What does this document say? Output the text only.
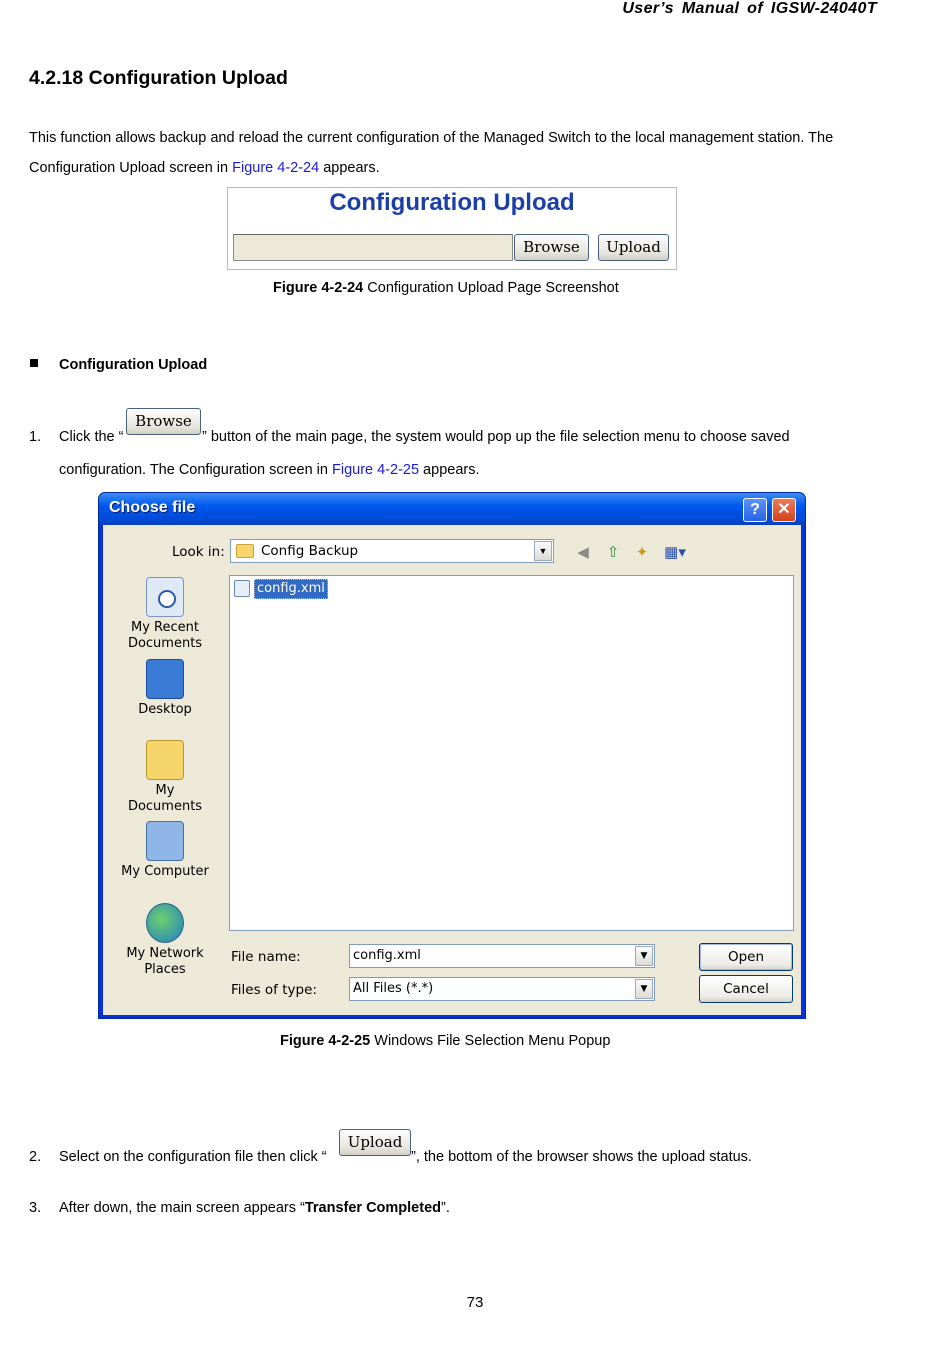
User’s Manual of IGSW-24040T
4.2.18 Configuration Upload
This function allows backup and reload the current configuration of the Managed Switch to the local management station. The
Configuration Upload screen in Figure 4-2-24 appears.
Configuration Upload
Browse	Upload
Figure 4-2-24 Configuration Upload Page Screenshot
Configuration Upload
1. Click the “
Browse
” button of the main page, the system would pop up the file selection menu to choose saved
configuration. The Configuration screen in Figure 4-2-25 appears.
Choose file	?	✕
Look in:	Config Backup	▼	◀ ⇧ ✦ ▦▾
My Recent
Documents
Desktop
My Documents
My Computer
My Network
Places
config.xml
File name:	config.xml	▼
Files of type:	All Files (*.*)	▼
Open
Cancel
Figure 4-2-25 Windows File Selection Menu Popup
2. Select on the configuration file then click “
Upload
”, the bottom of the browser shows the upload status.
3. After down, the main screen appears “Transfer Completed”.
73
